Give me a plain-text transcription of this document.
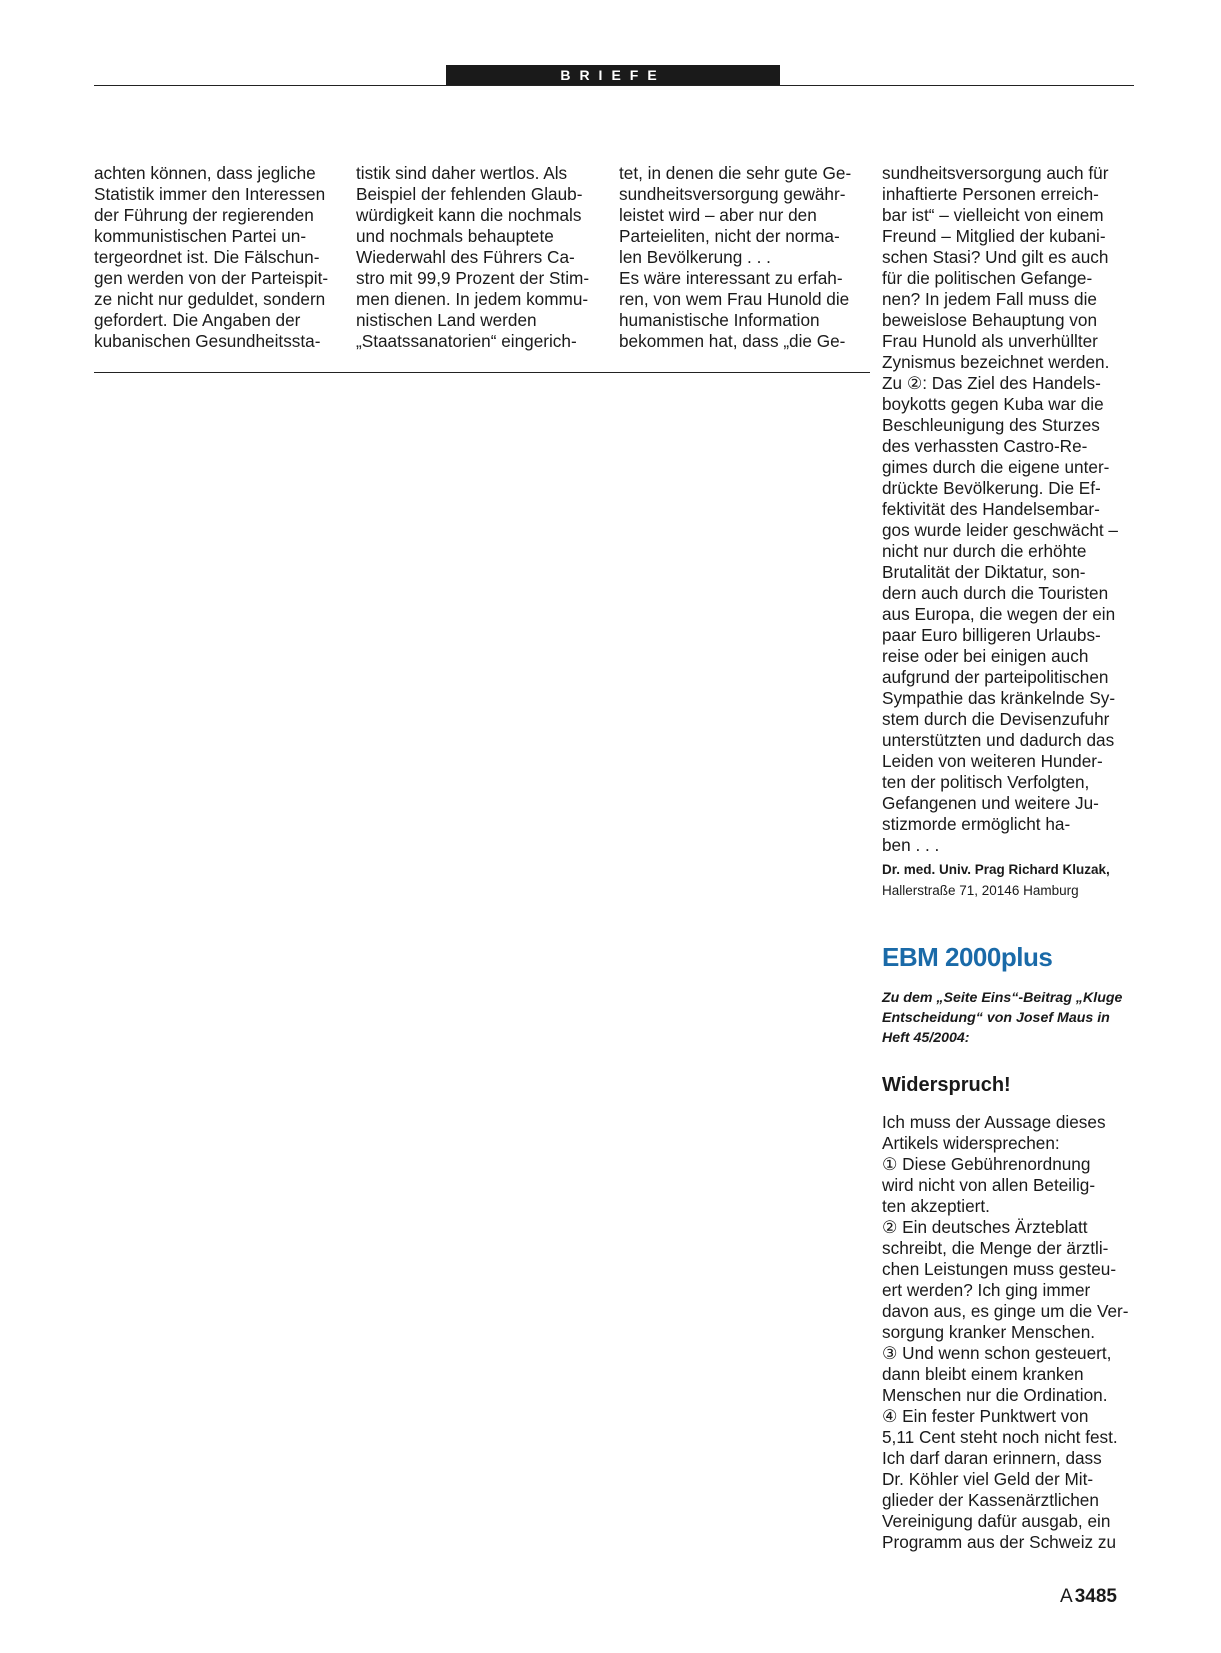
BRIEFE
achten können, dass jegliche
Statistik immer den Interessen
der Führung der regierenden
kommunistischen Partei un-
tergeordnet ist. Die Fälschun-
gen werden von der Parteispit-
ze nicht nur geduldet, sondern
gefordert. Die Angaben der
kubanischen Gesundheitssta-
tistik sind daher wertlos. Als
Beispiel der fehlenden Glaub-
würdigkeit kann die nochmals
und nochmals behauptete
Wiederwahl des Führers Ca-
stro mit 99,9 Prozent der Stim-
men dienen. In jedem kommu-
nistischen Land werden
„Staatssanatorien“ eingerich-
tet, in denen die sehr gute Ge-
sundheitsversorgung gewähr-
leistet wird – aber nur den
Parteieliten, nicht der norma-
len Bevölkerung . . .
Es wäre interessant zu erfah-
ren, von wem Frau Hunold die
humanistische Information
bekommen hat, dass „die Ge-
sundheitsversorgung auch für
inhaftierte Personen erreich-
bar ist“ – vielleicht von einem
Freund – Mitglied der kubani-
schen Stasi? Und gilt es auch
für die politischen Gefange-
nen? In jedem Fall muss die
beweislose Behauptung von
Frau Hunold als unverhüllter
Zynismus bezeichnet werden.
Zu ②: Das Ziel des Handels-
boykotts gegen Kuba war die
Beschleunigung des Sturzes
des verhassten Castro-Re-
gimes durch die eigene unter-
drückte Bevölkerung. Die Ef-
fektivität des Handelsembar-
gos wurde leider geschwächt –
nicht nur durch die erhöhte
Brutalität der Diktatur, son-
dern auch durch die Touristen
aus Europa, die wegen der ein
paar Euro billigeren Urlaubs-
reise oder bei einigen auch
aufgrund der parteipolitischen
Sympathie das kränkelnde Sy-
stem durch die Devisenzufuhr
unterstützten und dadurch das
Leiden von weiteren Hunder-
ten der politisch Verfolgten,
Gefangenen und weitere Ju-
stizmorde ermöglicht ha-
ben . . .
Dr. med. Univ. Prag Richard Kluzak,
Hallerstraße 71, 20146 Hamburg
EBM 2000plus
Zu dem „Seite Eins“-Beitrag „Kluge
Entscheidung“ von Josef Maus in
Heft 45/2004:
Widerspruch!
Ich muss der Aussage dieses
Artikels widersprechen:
① Diese Gebührenordnung
wird nicht von allen Beteilig-
ten akzeptiert.
② Ein deutsches Ärzteblatt
schreibt, die Menge der ärztli-
chen Leistungen muss gesteu-
ert werden? Ich ging immer
davon aus, es ginge um die Ver-
sorgung kranker Menschen.
③ Und wenn schon gesteuert,
dann bleibt einem kranken
Menschen nur die Ordination.
④ Ein fester Punktwert von
5,11 Cent steht noch nicht fest.
Ich darf daran erinnern, dass
Dr. Köhler viel Geld der Mit-
glieder der Kassenärztlichen
Vereinigung dafür ausgab, ein
Programm aus der Schweiz zu
A 3485
